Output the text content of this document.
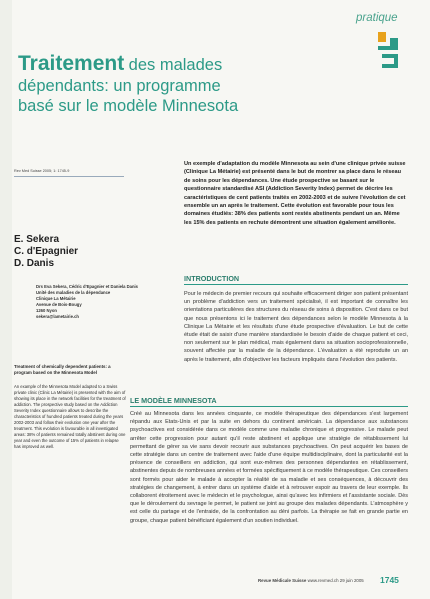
pratique
Traitement des malades
dépendants: un programme
basé sur le modèle Minnesota
Rev Med Suisse 2005; 1: 1745-9
E. Sekera
C. d'Epagnier
D. Danis
Drs Eva Sekera, Cédric d'Epagnier et Daniela Danis
Unité des maladies de la dépendance
Clinique La Métairie
Avenue de Bois-Bougy
1260 Nyon
sekera@lametairie.ch
Treatment of chemically dependent patients: a program based on the Minnesota Model
An example of the Minnesota Model adapted to a Swiss private clinic (Clinic La Métairie) is presented with the aim of showing its place in the network facilities for the treatment of addiction. The prospective study based on the Addiction Severity Index questionnaire allows to describe the characteristics of hundred patients treated during the years 2002-2003 and follow their evolution one year after the treatment. This evolution is favourable in all investigated areas: 38% of patients remained totally abstinent during one year and even the outcome of 15% of patients in relapse has improved as well.
Un exemple d'adaptation du modèle Minnesota au sein d'une clinique privée suisse (Clinique La Métairie) est présenté dans le but de montrer sa place dans le réseau de soins pour les dépendances. Une étude prospective se basant sur le questionnaire standardisé ASI (Addiction Severity Index) permet de décrire les caractéristiques de cent patients traités en 2002-2003 et de suivre l'évolution de cet ensemble un an après le traitement. Cette évolution est favorable pour tous les domaines étudiés: 38% des patients sont restés abstinents pendant un an. Même les 15% des patients en rechute démontrent une situation également améliorée.
INTRODUCTION
Pour le médecin de premier recours qui souhaite efficacement diriger son patient présentant un problème d'addiction vers un traitement spécialisé, il est important de connaître les orientations particulières des structures du réseau de soins à disposition. C'est dans ce but que nous présentons ici le traitement des dépendances selon le modèle Minnesota à la Clinique La Métairie et les résultats d'une étude prospective d'évaluation. Le but de cette étude était de saisir d'une manière standardisée le besoin d'aide de chaque patient et ceci, non seulement sur le plan médical, mais également dans sa situation socioprofessionnelle, souvent affectée par la maladie de la dépendance. L'évaluation a été reproduite un an après le traitement, afin d'objectiver les facteurs impliqués dans l'évolution des patients.
LE MODÈLE MINNESOTA
Créé au Minnesota dans les années cinquante, ce modèle thérapeutique des dépendances s'est largement répandu aux Etats-Unis et par la suite en dehors du continent américain. La dépendance aux substances psychoactives est considérée dans ce modèle comme une maladie chronique et progressive. Le malade peut arrêter cette progression pour autant qu'il reste abstinent et applique une stratégie de rétablissement lui permettant de gérer sa vie sans devoir recourir aux substances psychoactives. On peut acquérir les bases de cette stratégie dans un centre de traitement avec l'aide d'une équipe multidisciplinaire, dont la particularité est la présence de conseillers en addiction, qui sont eux-mêmes des personnes dépendantes en rétablissement, abstinentes depuis de nombreuses années et formées spécifiquement à ce modèle thérapeutique. Ces conseillers sont formés pour aider le malade à accepter la réalité de sa maladie et ses conséquences, à découvrir des stratégies de changement, à entrer dans un système d'aide et à retrouver espoir au travers de leur exemple. Ils collaborent étroitement avec le médecin et le psychologue, ainsi qu'avec les infirmiers et l'assistante sociale. Dès que le déroulement du sevrage le permet, le patient se joint au groupe des malades dépendants. L'atmosphère y est celle du partage et de l'entraide, de la confrontation au déni parfois. La thérapie se fait en grande partie en groupe, chaque patient bénéficiant également d'un soutien individuel.
Revue Médicale Suisse www.revmed.ch 29 juin 2005 1745
